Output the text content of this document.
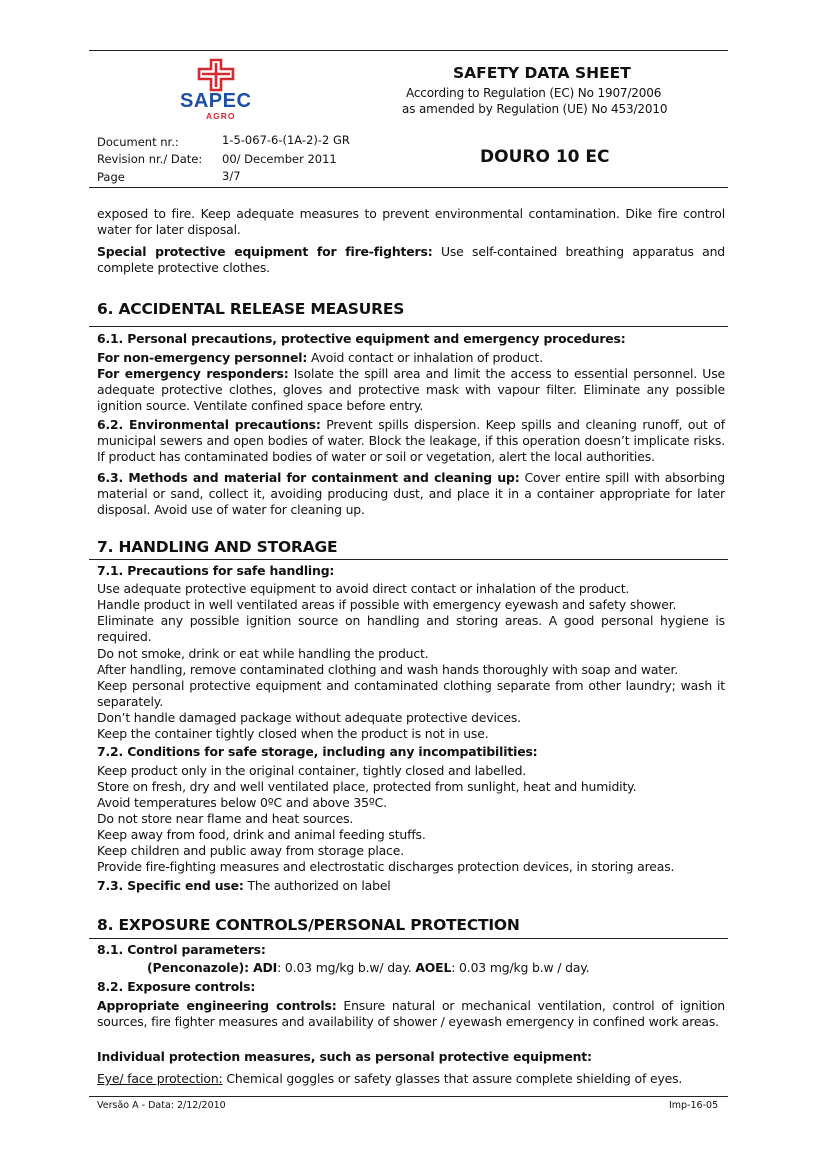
SAPEC
AGRO
SAFETY DATA SHEET
According to Regulation (EC) No 1907/2006
as amended by Regulation (UE) No 453/2010
Document nr.:	1-5-067-6-(1A-2)-2 GR
Revision nr./ Date: 00/ December 2011
Page	3/7
DOURO 10 EC
exposed to fire. Keep adequate measures to prevent environmental contamination. Dike fire control water for later disposal.
Special protective equipment for fire-fighters: Use self-contained breathing apparatus and complete protective clothes.
6. ACCIDENTAL RELEASE MEASURES
6.1. Personal precautions, protective equipment and emergency procedures:
For non-emergency personnel: Avoid contact or inhalation of product.
For emergency responders: Isolate the spill area and limit the access to essential personnel. Use adequate protective clothes, gloves and protective mask with vapour filter. Eliminate any possible ignition source. Ventilate confined space before entry.
6.2. Environmental precautions: Prevent spills dispersion. Keep spills and cleaning runoff, out of municipal sewers and open bodies of water. Block the leakage, if this operation doesn’t implicate risks. If product has contaminated bodies of water or soil or vegetation, alert the local authorities.
6.3. Methods and material for containment and cleaning up: Cover entire spill with absorbing material or sand, collect it, avoiding producing dust, and place it in a container appropriate for later disposal. Avoid use of water for cleaning up.
7. HANDLING AND STORAGE
7.1. Precautions for safe handling:
Use adequate protective equipment to avoid direct contact or inhalation of the product.
Handle product in well ventilated areas if possible with emergency eyewash and safety shower.
Eliminate any possible ignition source on handling and storing areas. A good personal hygiene is required.
Do not smoke, drink or eat while handling the product.
After handling, remove contaminated clothing and wash hands thoroughly with soap and water.
Keep personal protective equipment and contaminated clothing separate from other laundry; wash it separately.
Don’t handle damaged package without adequate protective devices.
Keep the container tightly closed when the product is not in use.
7.2. Conditions for safe storage, including any incompatibilities:
Keep product only in the original container, tightly closed and labelled.
Store on fresh, dry and well ventilated place, protected from sunlight, heat and humidity.
Avoid temperatures below 0ºC and above 35ºC.
Do not store near flame and heat sources.
Keep away from food, drink and animal feeding stuffs.
Keep children and public away from storage place.
Provide fire-fighting measures and electrostatic discharges protection devices, in storing areas.
7.3. Specific end use: The authorized on label
8. EXPOSURE CONTROLS/PERSONAL PROTECTION
8.1. Control parameters:
(Penconazole): ADI: 0.03 mg/kg b.w/ day. AOEL: 0.03 mg/kg b.w / day.
8.2. Exposure controls:
Appropriate engineering controls: Ensure natural or mechanical ventilation, control of ignition sources, fire fighter measures and availability of shower / eyewash emergency in confined work areas.
Individual protection measures, such as personal protective equipment:
Eye/ face protection: Chemical goggles or safety glasses that assure complete shielding of eyes.
Versão A - Data: 2/12/2010	Imp-16-05
